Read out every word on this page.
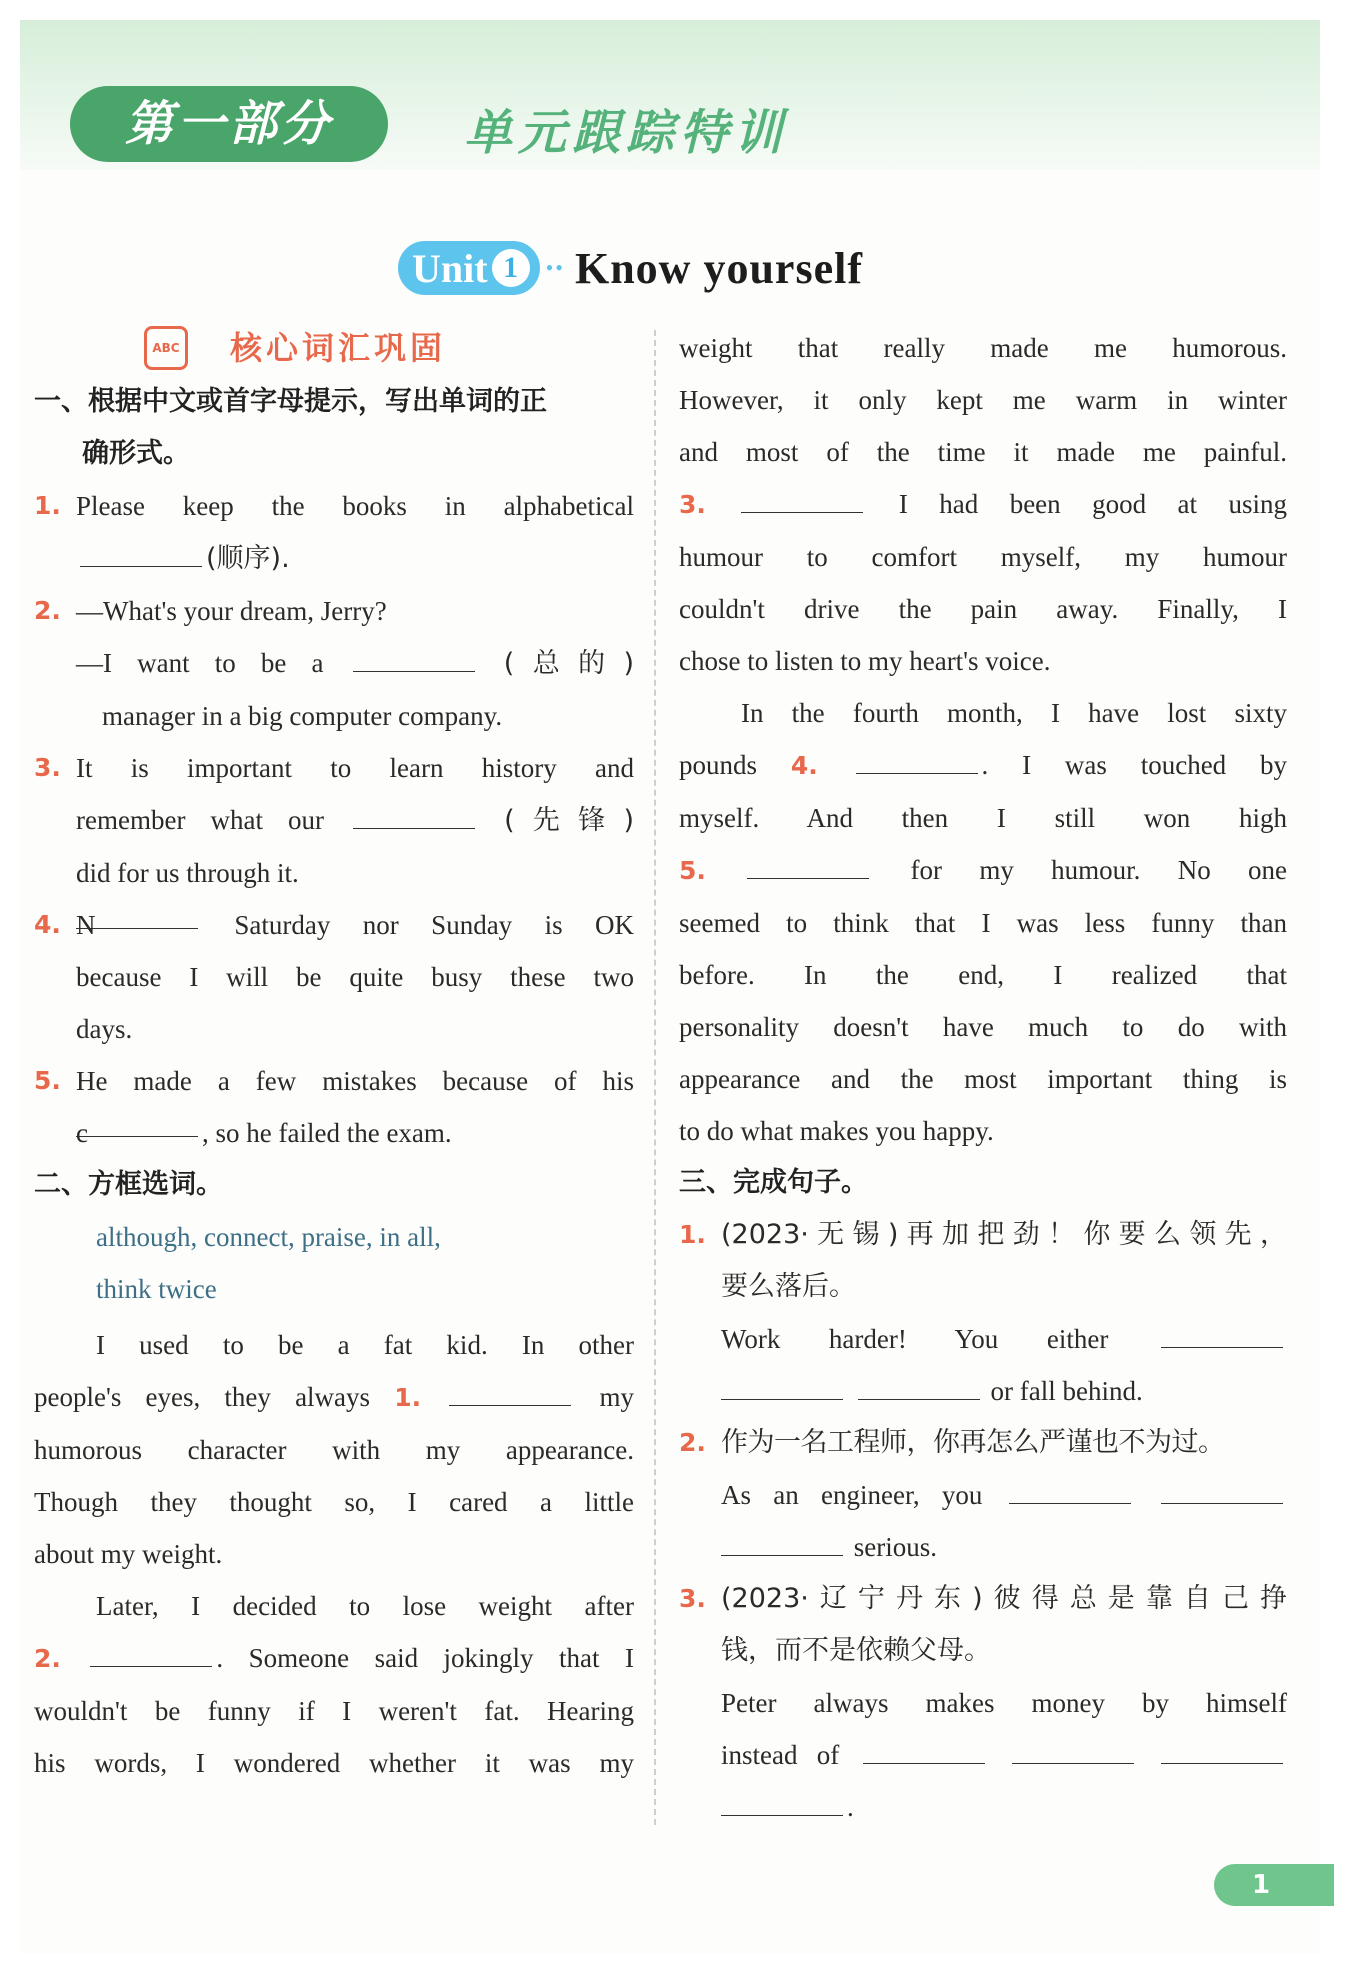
第一部分	单元跟踪特训
Unit 1	•• Know yourself
ABC 核心词汇巩固
一、根据中文或首字母提示，写出单词的正
确形式。
1. Please keep the books in alphabetical
(顺序).
2. —What's your dream, Jerry?
—I want to be a	(总的)
manager in a big computer company.
3. It is important to learn history and
remember what our	(先锋)
did for us through it.
4. N	Saturday nor Sunday is OK
because I will be quite busy these two
days.
5. He made a few mistakes because of his
c	, so he failed the exam.
二、方框选词。
although, connect, praise, in all,
think twice
I used to be a fat kid. In other
people's eyes, they always 1.	my
humorous character with my appearance.
Though they thought so, I cared a little
about my weight.
Later, I decided to lose weight after
2.	. Someone said jokingly that I
wouldn't be funny if I weren't fat. Hearing
his words, I wondered whether it was my
weight that really made me humorous.
However, it only kept me warm in winter
and most of the time it made me painful.
3.	I had been good at using
humour to comfort myself, my humour
couldn't drive the pain away. Finally, I
chose to listen to my heart's voice.
In the fourth month, I have lost sixty
pounds 4.	. I was touched by
myself. And then I still won high
5.	for my humour. No one
seemed to think that I was less funny than
before. In the end, I realized that
personality doesn't have much to do with
appearance and the most important thing is
to do what makes you happy.
三、完成句子。
1. (2023·无锡)再加把劲！你要么领先，
要么落后。
Work harder! You either
or fall behind.
2. 作为一名工程师，你再怎么严谨也不为过。
As an engineer, you
serious.
3. (2023·辽宁丹东)彼得总是靠自己挣
钱，而不是依赖父母。
Peter always makes money by himself
instead of
.
1
